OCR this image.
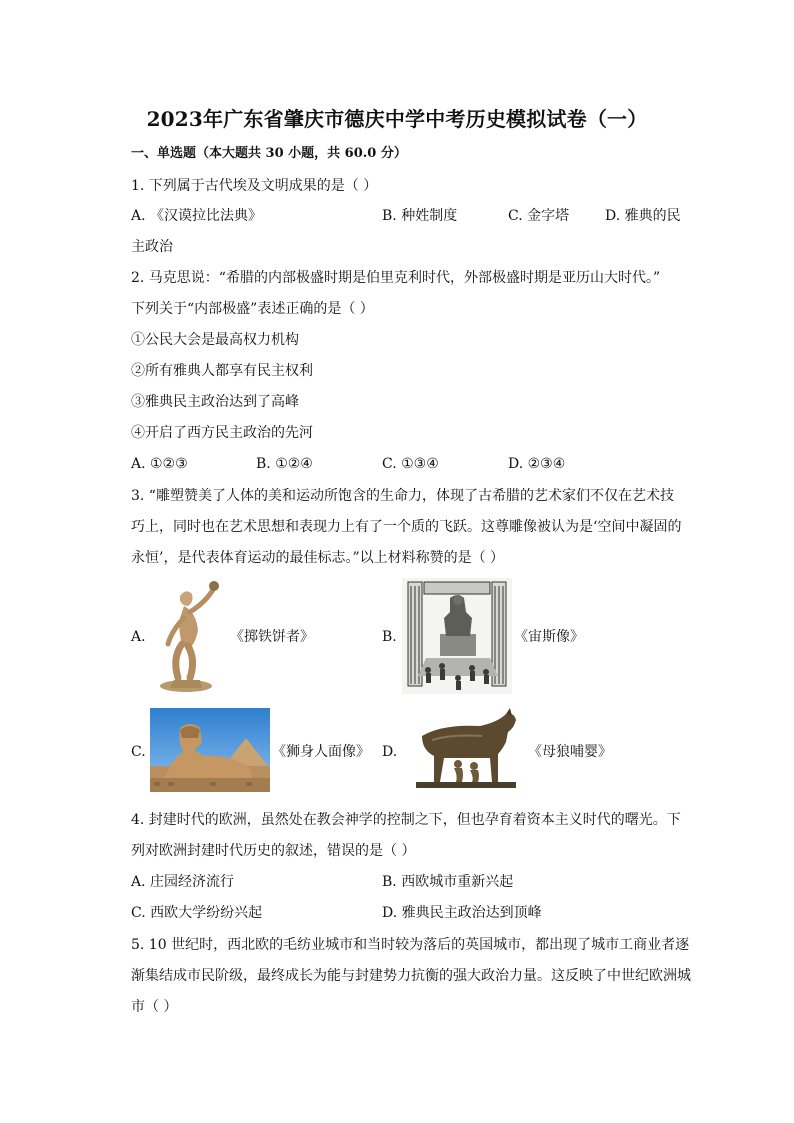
2023年广东省肇庆市德庆中学中考历史模拟试卷（一）
一、单选题（本大题共 30 小题，共 60.0 分）
1. 下列属于古代埃及文明成果的是（ ）
A. 《汉谟拉比法典》	B. 种姓制度	C. 金字塔	D. 雅典的民
主政治
2. 马克思说：“希腊的内部极盛时期是伯里克利时代，外部极盛时期是亚历山大时代。”
下列关于“内部极盛”表述正确的是（ ）
①公民大会是最高权力机构
②所有雅典人都享有民主权利
③雅典民主政治达到了高峰
④开启了西方民主政治的先河
A. ①②③	B. ①②④	C. ①③④	D. ②③④
3. “雕塑赞美了人体的美和运动所饱含的生命力，体现了古希腊的艺术家们不仅在艺术技
巧上，同时也在艺术思想和表现力上有了一个质的飞跃。这尊雕像被认为是‘空间中凝固的
永恒’，是代表体育运动的最佳标志。”以上材料称赞的是（ ）
A.	《掷铁饼者》	B.	《宙斯像》
C.	《狮身人面像》 D.	《母狼哺婴》
4. 封建时代的欧洲，虽然处在教会神学的控制之下，但也孕育着资本主义时代的曙光。下
列对欧洲封建时代历史的叙述，错误的是（ ）
A. 庄园经济流行	B. 西欧城市重新兴起
C. 西欧大学纷纷兴起	D. 雅典民主政治达到顶峰
5. 10 世纪时，西北欧的毛纺业城市和当时较为落后的英国城市，都出现了城市工商业者逐
渐集结成市民阶级，最终成长为能与封建势力抗衡的强大政治力量。这反映了中世纪欧洲城
市（ ）
